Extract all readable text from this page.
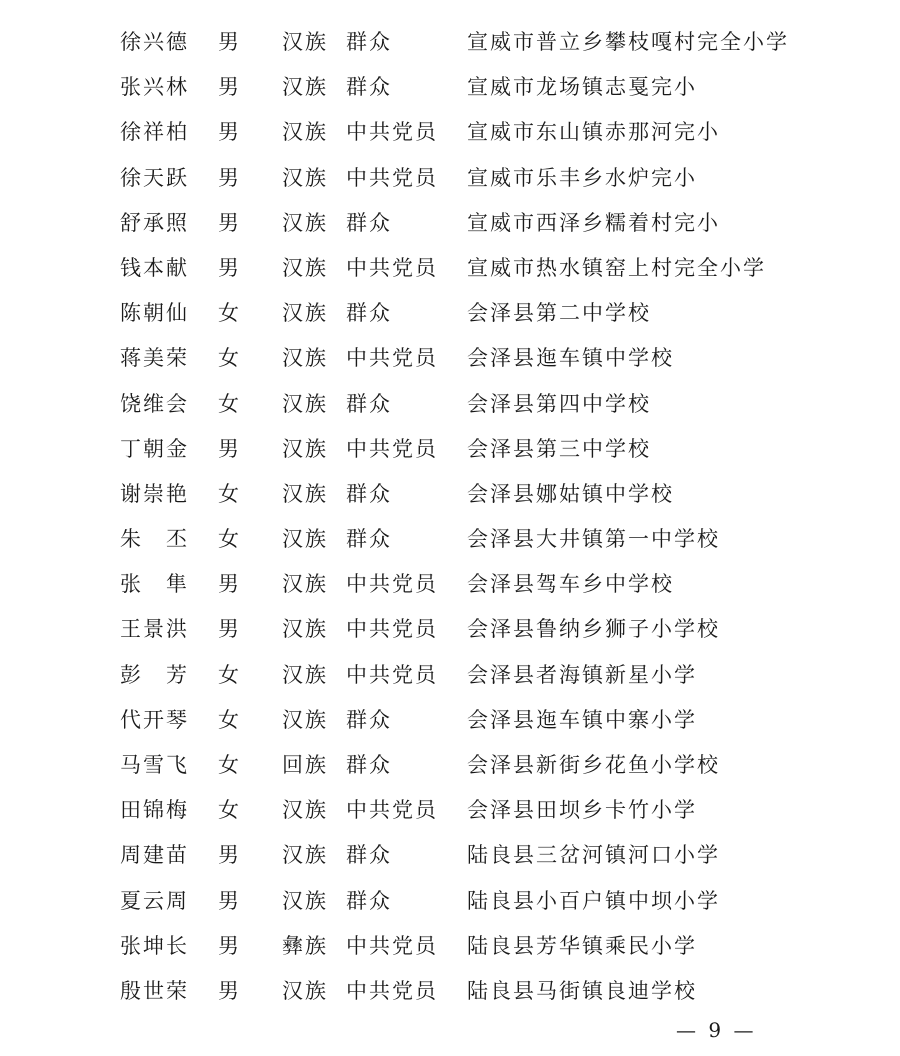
徐兴德	男	汉族 群众	宣威市普立乡攀枝嘎村完全小学
张兴林	男	汉族 群众	宣威市龙场镇志戛完小
徐祥柏	男	汉族 中共党员	宣威市东山镇赤那河完小
徐天跃	男	汉族 中共党员	宣威市乐丰乡水炉完小
舒承照	男	汉族 群众	宣威市西泽乡糯着村完小
钱本献	男	汉族 中共党员	宣威市热水镇窑上村完全小学
陈朝仙	女	汉族 群众	会泽县第二中学校
蒋美荣	女	汉族 中共党员	会泽县迤车镇中学校
饶维会	女	汉族 群众	会泽县第四中学校
丁朝金	男	汉族 中共党员	会泽县第三中学校
谢崇艳	女	汉族 群众	会泽县娜姑镇中学校
朱　丕	女	汉族 群众	会泽县大井镇第一中学校
张　隼	男	汉族 中共党员	会泽县驾车乡中学校
王景洪	男	汉族 中共党员	会泽县鲁纳乡狮子小学校
彭　芳	女	汉族 中共党员	会泽县者海镇新星小学
代开琴	女	汉族 群众	会泽县迤车镇中寨小学
马雪飞	女	回族 群众	会泽县新街乡花鱼小学校
田锦梅	女	汉族 中共党员	会泽县田坝乡卡竹小学
周建苗	男	汉族 群众	陆良县三岔河镇河口小学
夏云周	男	汉族 群众	陆良县小百户镇中坝小学
张坤长	男	彝族 中共党员	陆良县芳华镇乘民小学
殷世荣	男	汉族 中共党员	陆良县马街镇良迪学校
— 9 —
